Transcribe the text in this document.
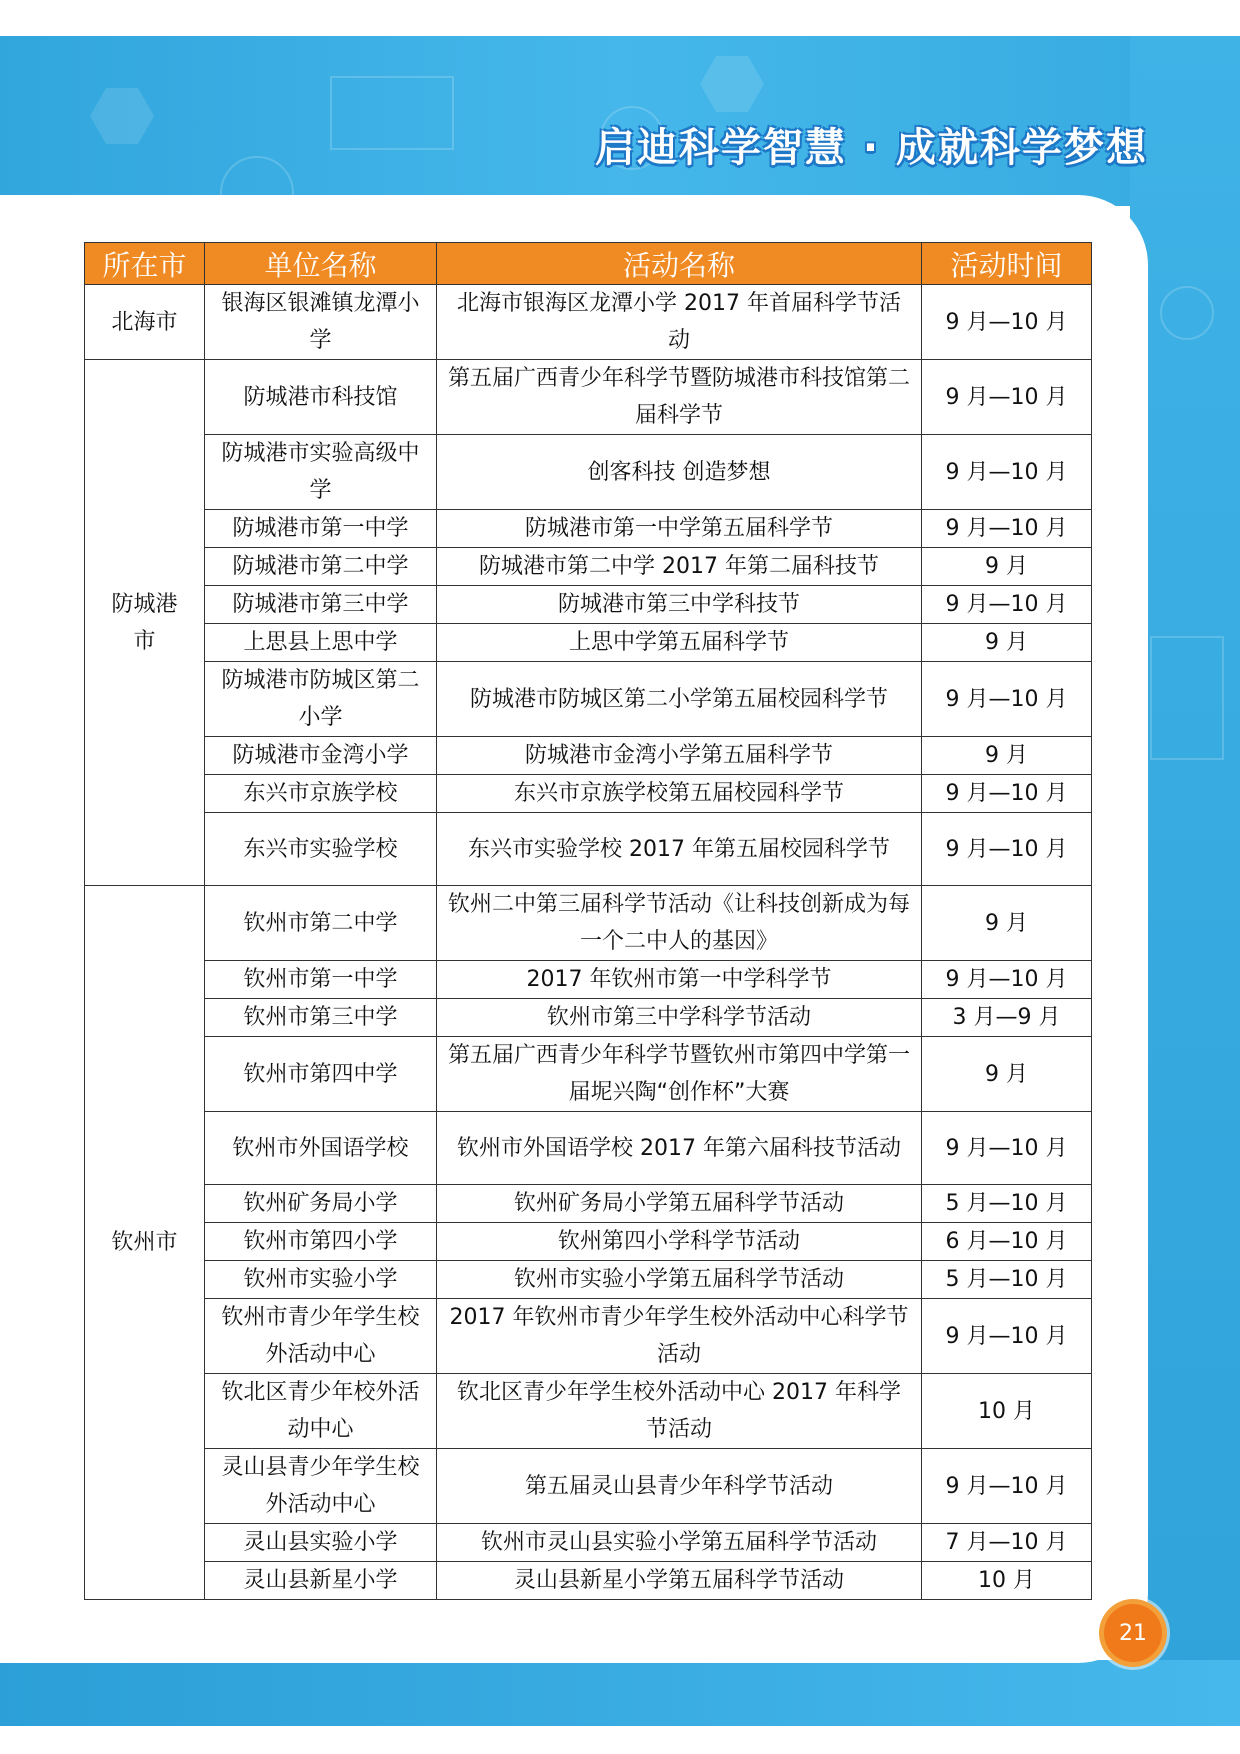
启迪科学智慧 · 成就科学梦想
所在市	单位名称	活动名称	活动时间
北海市	银海区银滩镇龙潭小学	北海市银海区龙潭小学 2017 年首届科学节活动	9 月—10 月
防城港市	防城港市科技馆	第五届广西青少年科学节暨防城港市科技馆第二届科学节	9 月—10 月
	防城港市实验高级中学	创客科技 创造梦想	9 月—10 月
	防城港市第一中学	防城港市第一中学第五届科学节	9 月—10 月
	防城港市第二中学	防城港市第二中学 2017 年第二届科技节	9 月
	防城港市第三中学	防城港市第三中学科技节	9 月—10 月
	上思县上思中学	上思中学第五届科学节	9 月
	防城港市防城区第二小学	防城港市防城区第二小学第五届校园科学节	9 月—10 月
	防城港市金湾小学	防城港市金湾小学第五届科学节	9 月
	东兴市京族学校	东兴市京族学校第五届校园科学节	9 月—10 月
	东兴市实验学校	东兴市实验学校 2017 年第五届校园科学节	9 月—10 月
钦州市	钦州市第二中学	钦州二中第三届科学节活动《让科技创新成为每一个二中人的基因》	9 月
	钦州市第一中学	2017 年钦州市第一中学科学节	9 月—10 月
	钦州市第三中学	钦州市第三中学科学节活动	3 月—9 月
	钦州市第四中学	第五届广西青少年科学节暨钦州市第四中学第一届坭兴陶“创作杯”大赛	9 月
	钦州市外国语学校	钦州市外国语学校 2017 年第六届科技节活动	9 月—10 月
	钦州矿务局小学	钦州矿务局小学第五届科学节活动	5 月—10 月
	钦州市第四小学	钦州第四小学科学节活动	6 月—10 月
	钦州市实验小学	钦州市实验小学第五届科学节活动	5 月—10 月
	钦州市青少年学生校外活动中心	2017 年钦州市青少年学生校外活动中心科学节活动	9 月—10 月
	钦北区青少年校外活动中心	钦北区青少年学生校外活动中心 2017 年科学节活动	10 月
	灵山县青少年学生校外活动中心	第五届灵山县青少年科学节活动	9 月—10 月
	灵山县实验小学	钦州市灵山县实验小学第五届科学节活动	7 月—10 月
	灵山县新星小学	灵山县新星小学第五届科学节活动	10 月
21
